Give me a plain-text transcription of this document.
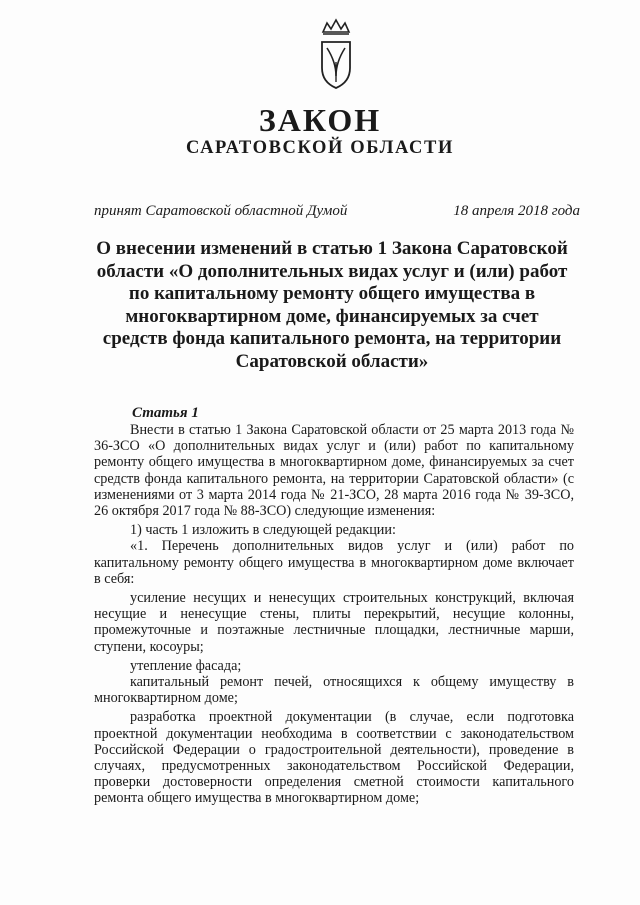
ЗАКОН
САРАТОВСКОЙ ОБЛАСТИ
принят Саратовской областной Думой	18 апреля 2018 года
О внесении изменений в статью 1 Закона Саратовской области «О дополнительных видах услуг и (или) работ по капитальному ремонту общего имущества в многоквартирном доме, финансируемых за счет средств фонда капитального ремонта, на территории Саратовской области»
Статья 1

Внести в статью 1 Закона Саратовской области от 25 марта 2013 года № 36-ЗСО «О дополнительных видах услуг и (или) работ по капитальному ремонту общего имущества в многоквартирном доме, финансируемых за счет средств фонда капитального ремонта, на территории Саратовской области» (с изменениями от 3 марта 2014 года № 21-ЗСО, 28 марта 2016 года № 39-ЗСО, 26 октября 2017 года № 88-ЗСО) следующие изменения:

1) часть 1 изложить в следующей редакции:

«1. Перечень дополнительных видов услуг и (или) работ по капитальному ремонту общего имущества в многоквартирном доме включает в себя:

усиление несущих и ненесущих строительных конструкций, включая несущие и ненесущие стены, плиты перекрытий, несущие колонны, промежуточные и поэтажные лестничные площадки, лестничные марши, ступени, косоуры;

утепление фасада;

капитальный ремонт печей, относящихся к общему имуществу в многоквартирном доме;

разработка проектной документации (в случае, если подготовка проектной документации необходима в соответствии с законодательством Российской Федерации о градостроительной деятельности), проведение в случаях, предусмотренных законодательством Российской Федерации, проверки достоверности определения сметной стоимости капитального ремонта общего имущества в многоквартирном доме;
